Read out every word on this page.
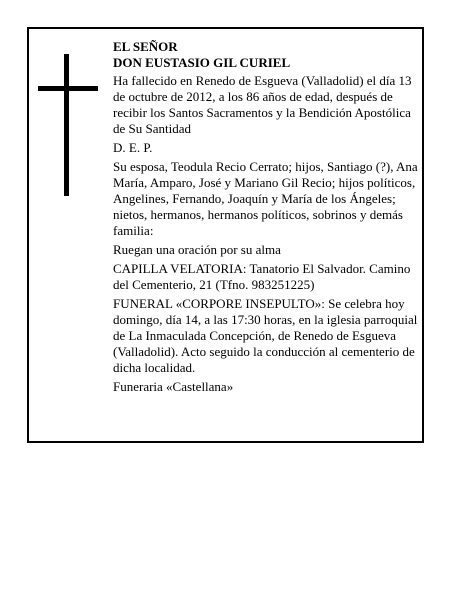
EL SEÑOR

DON EUSTASIO GIL CURIEL

Ha fallecido en Renedo de Esgueva (Valladolid) el día 13 de octubre de 2012, a los 86 años de edad, después de recibir los Santos Sacramentos y la Bendición Apostólica de Su Santidad

D. E. P.

Su esposa, Teodula Recio Cerrato; hijos, Santiago (?), Ana María, Amparo, José y Mariano Gil Recio; hijos políticos, Angelines, Fernando, Joaquín y María de los Ángeles; nietos, hermanos, hermanos políticos, sobrinos y demás familia:

Ruegan una oración por su alma

CAPILLA VELATORIA: Tanatorio El Salvador. Camino del Cementerio, 21 (Tfno. 983251225)

FUNERAL «CORPORE INSEPULTO»: Se celebra hoy domingo, día 14, a las 17:30 horas, en la iglesia parroquial de La Inmaculada Concepción, de Renedo de Esgueva (Valladolid). Acto seguido la conducción al cementerio de dicha localidad.

Funeraria «Castellana»
